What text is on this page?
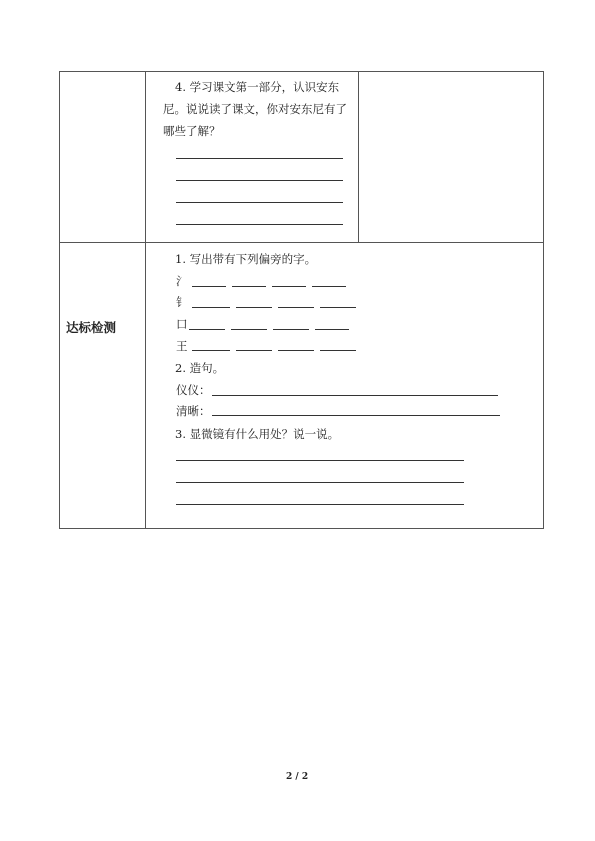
4. 学习课文第一部分，认识安东
尼。说说读了课文，你对安东尼有了
哪些了解？
达标检测
1. 写出带有下列偏旁的字。
氵
钅
口
王
2. 造句。
仪仪：
清晰：
3. 显微镜有什么用处？说一说。
2 / 2
